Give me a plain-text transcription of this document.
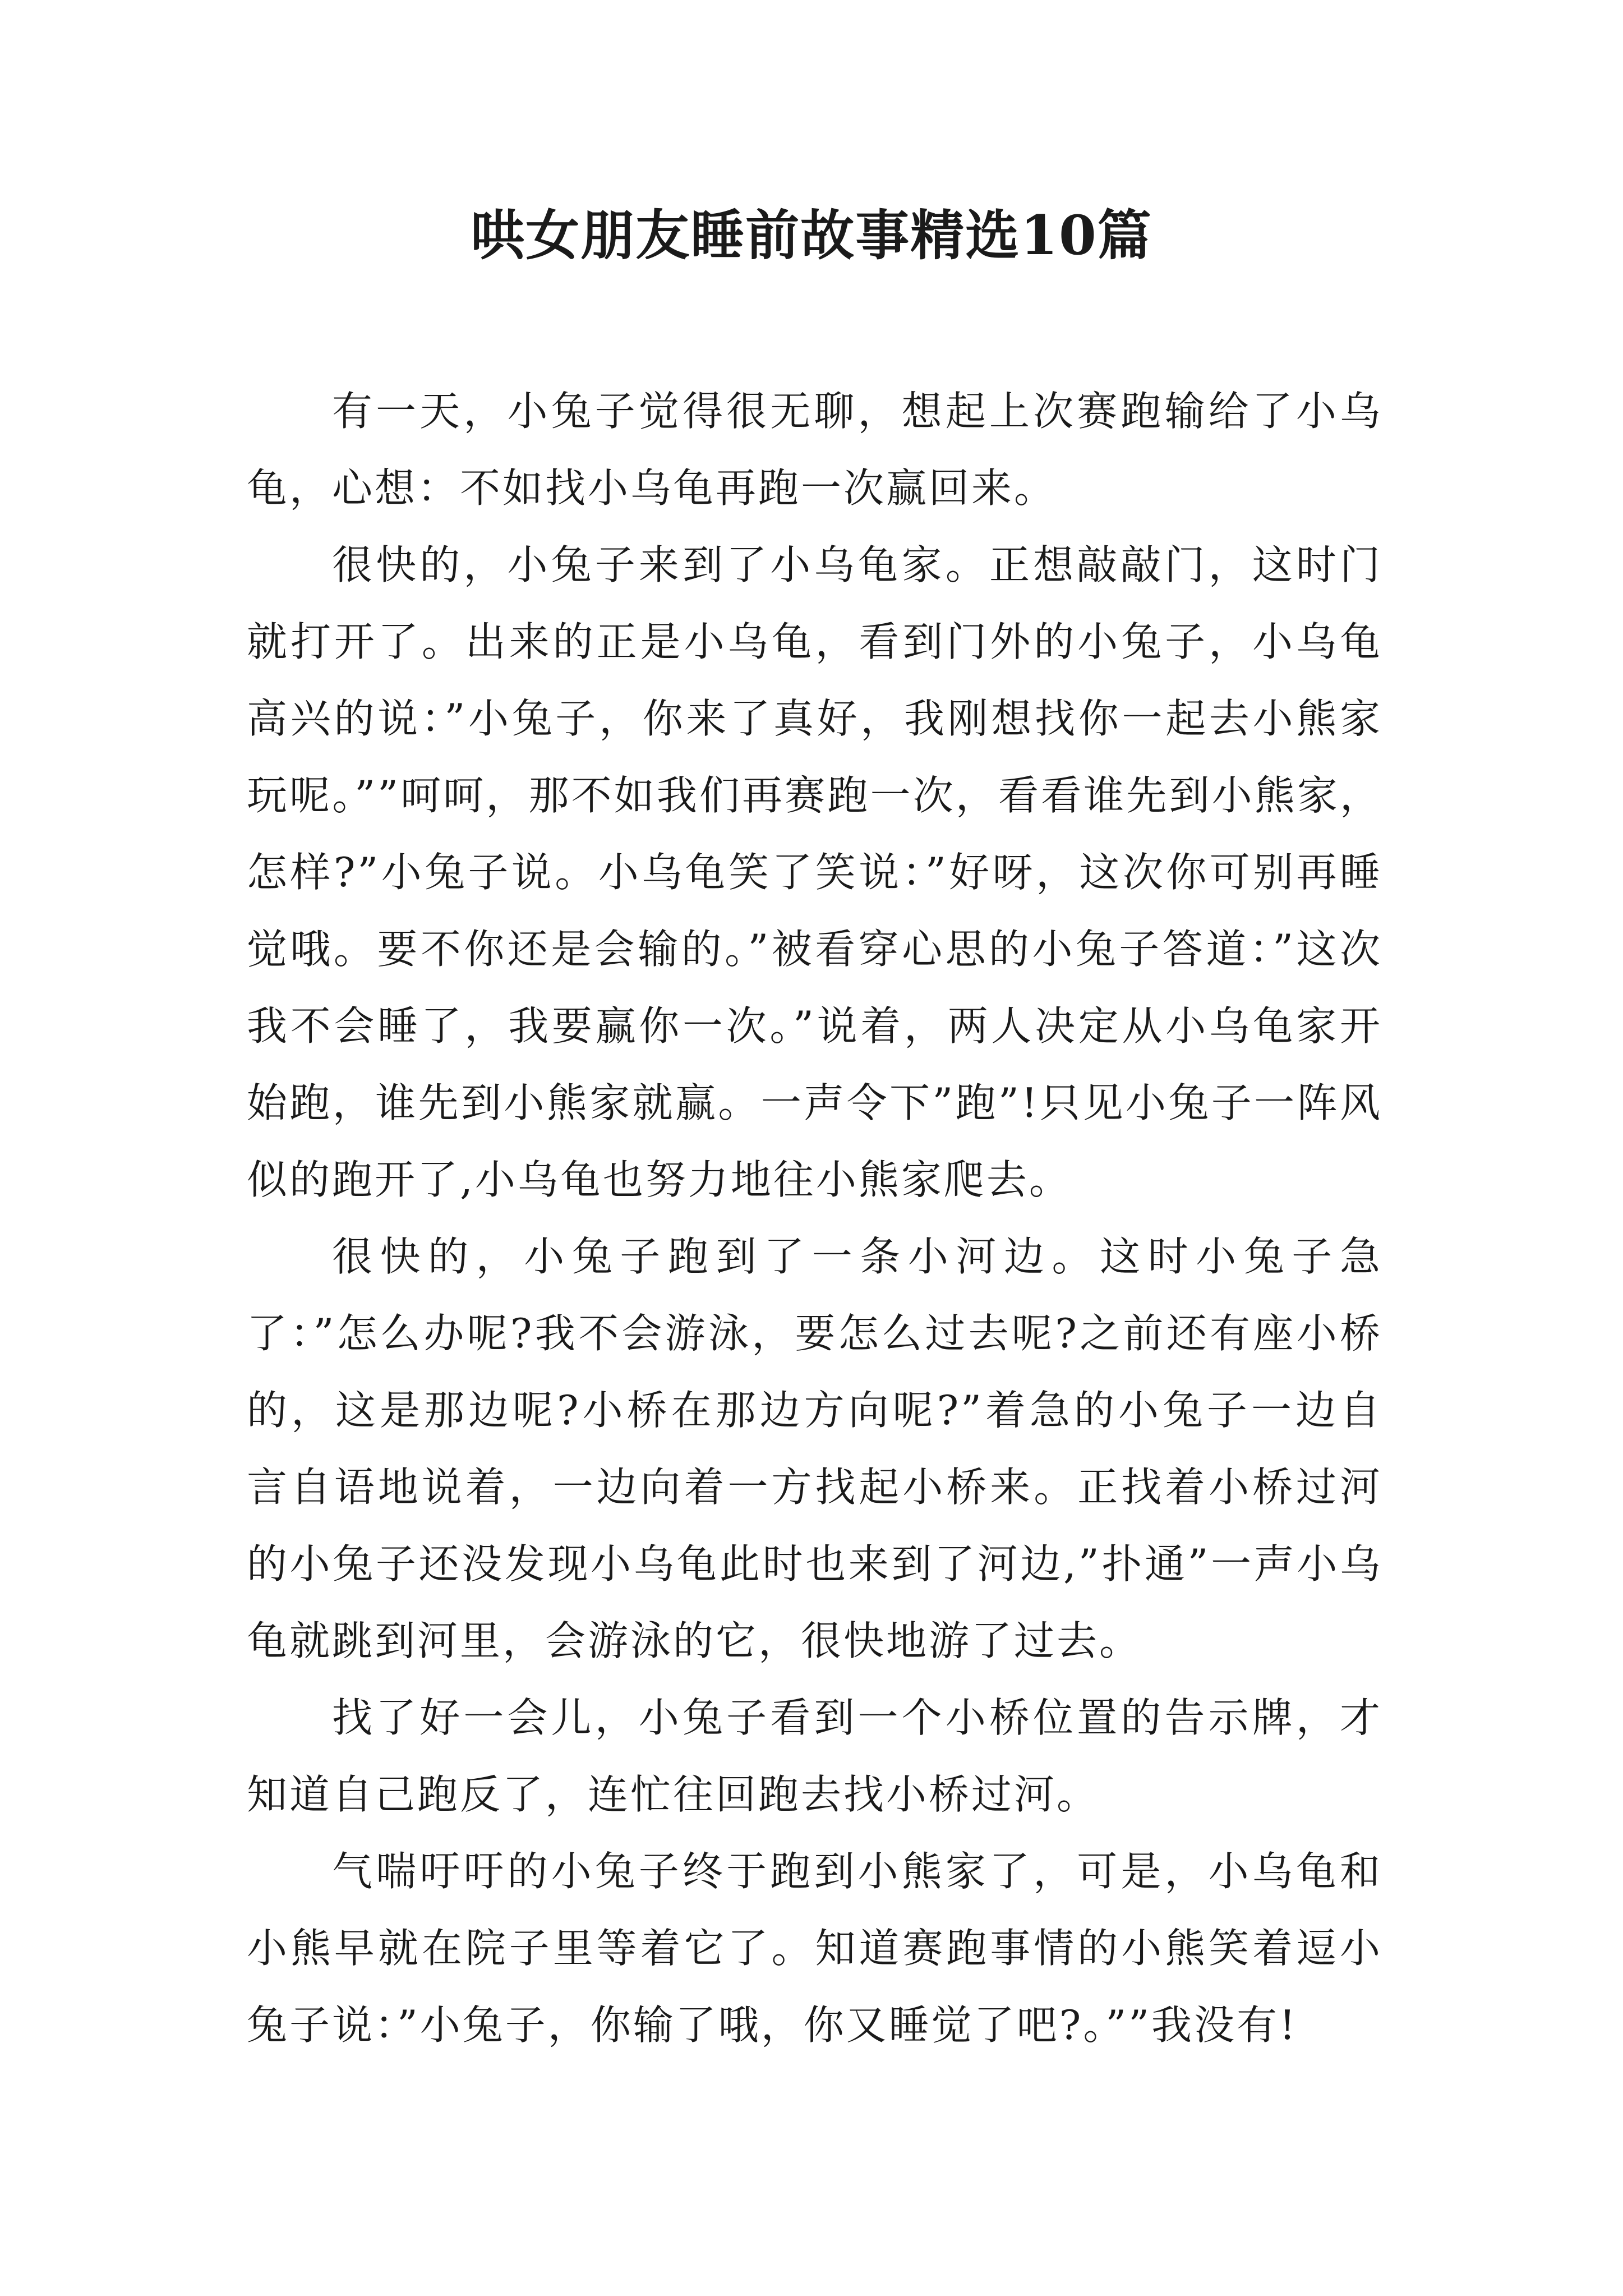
哄女朋友睡前故事精选10篇

有一天，小兔子觉得很无聊，想起上次赛跑输给了小乌龟，心想：不如找小乌龟再跑一次赢回来。

很快的，小兔子来到了小乌龟家。正想敲敲门，这时门就打开了。出来的正是小乌龟，看到门外的小兔子，小乌龟高兴的说：”小兔子，你来了真好，我刚想找你一起去小熊家玩呢。””呵呵，那不如我们再赛跑一次，看看谁先到小熊家，怎样?”小兔子说。小乌龟笑了笑说：”好呀，这次你可别再睡觉哦。要不你还是会输的。”被看穿心思的小兔子答道：”这次我不会睡了，我要赢你一次。”说着，两人决定从小乌龟家开始跑，谁先到小熊家就赢。一声令下”跑”!只见小兔子一阵风似的跑开了,小乌龟也努力地往小熊家爬去。

很快的，小兔子跑到了一条小河边。这时小兔子急了：”怎么办呢?我不会游泳，要怎么过去呢?之前还有座小桥的，这是那边呢?小桥在那边方向呢?”着急的小兔子一边自言自语地说着，一边向着一方找起小桥来。正找着小桥过河的小兔子还没发现小乌龟此时也来到了河边,”扑通”一声小乌龟就跳到河里，会游泳的它，很快地游了过去。

找了好一会儿，小兔子看到一个小桥位置的告示牌，才知道自己跑反了，连忙往回跑去找小桥过河。

气喘吁吁的小兔子终于跑到小熊家了，可是，小乌龟和小熊早就在院子里等着它了。知道赛跑事情的小熊笑着逗小兔子说：”小兔子，你输了哦，你又睡觉了吧?。””我没有!
